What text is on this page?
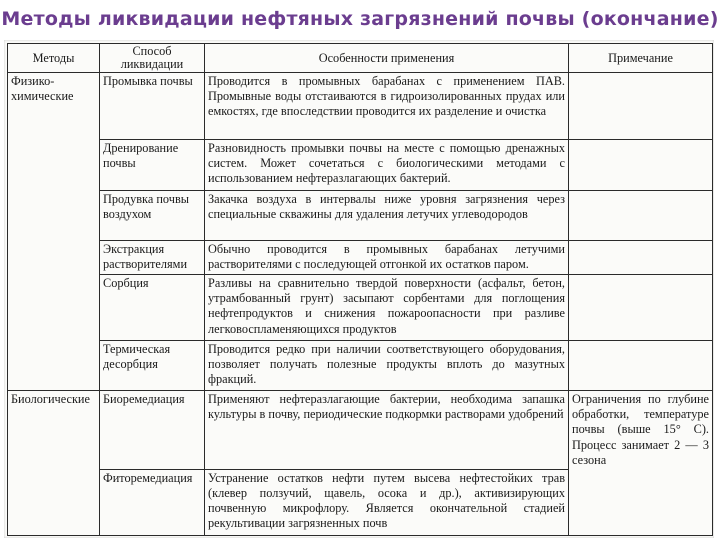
Методы ликвидации нефтяных загрязнений почвы (окончание)
Методы	Способ ликвидации	Особенности применения	Примечание
Физико-химические	Промывка почвы	Проводится в промывных барабанах с применением ПАВ. Промывные воды отстаиваются в гидроизолированных прудах или емкостях, где впоследствии проводится их разделение и очистка	
	Дренирование почвы	Разновидность промывки почвы на месте с помощью дренажных систем. Может сочетаться с биологическими методами с использованием нефтеразлагающих бактерий.	
	Продувка почвы воздухом	Закачка воздуха в интервалы ниже уровня загрязнения через специальные скважины для удаления летучих углеводородов	
	Экстракция растворителями	Обычно проводится в промывных барабанах летучими растворителями с последующей отгонкой их остатков паром.	
	Сорбция	Разливы на сравнительно твердой поверхности (асфальт, бетон, утрамбованный грунт) засыпают сорбентами для поглощения нефтепродуктов и снижения пожароопасности при разливе легковоспламеняющихся продуктов	
	Термическая десорбция	Проводится редко при наличии соответствующего оборудования, позволяет получать полезные продукты вплоть до мазутных фракций.	
Биологические	Биоремедиация	Применяют нефтеразлагающие бактерии, необходима запашка культуры в почву, периодические подкормки растворами удобрений	Ограничения по глубине обработки, температуре почвы (выше 15° С). Процесс занимает 2 — 3 сезона
	Фиторемедиация	Устранение остатков нефти путем высева нефтестойких трав (клевер ползучий, щавель, осока и др.), активизирующих почвенную микрофлору. Является окончательной стадией рекультивации загрязненных почв	
